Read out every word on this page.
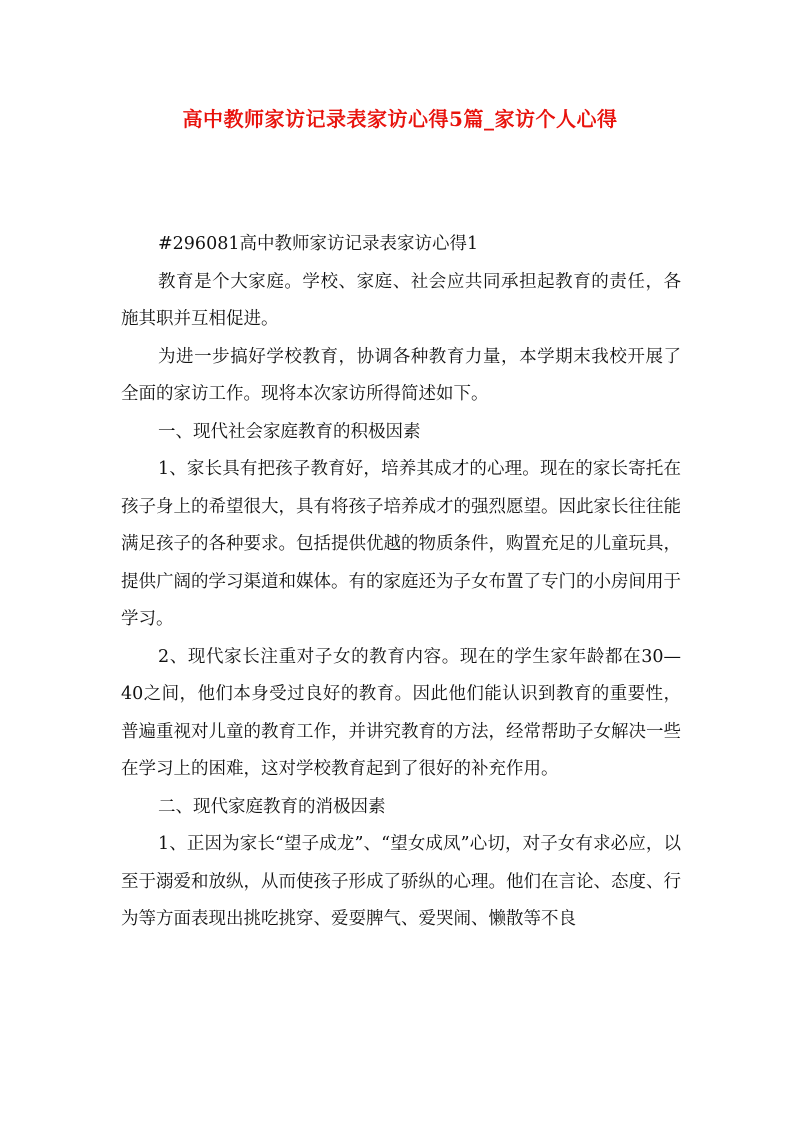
高中教师家访记录表家访心得5篇_家访个人心得

#296081高中教师家访记录表家访心得1

教育是个大家庭。学校、家庭、社会应共同承担起教育的责任，各施其职并互相促进。

为进一步搞好学校教育，协调各种教育力量，本学期末我校开展了全面的家访工作。现将本次家访所得简述如下。

一、现代社会家庭教育的积极因素

1、家长具有把孩子教育好，培养其成才的心理。现在的家长寄托在孩子身上的希望很大，具有将孩子培养成才的强烈愿望。因此家长往往能满足孩子的各种要求。包括提供优越的物质条件，购置充足的儿童玩具，提供广阔的学习渠道和媒体。有的家庭还为子女布置了专门的小房间用于学习。

2、现代家长注重对子女的教育内容。现在的学生家年龄都在30—40之间，他们本身受过良好的教育。因此他们能认识到教育的重要性，普遍重视对儿童的教育工作，并讲究教育的方法，经常帮助子女解决一些在学习上的困难，这对学校教育起到了很好的补充作用。

二、现代家庭教育的消极因素

1、正因为家长“望子成龙”、“望女成凤”心切，对子女有求必应，以至于溺爱和放纵，从而使孩子形成了骄纵的心理。他们在言论、态度、行为等方面表现出挑吃挑穿、爱耍脾气、爱哭闹、懒散等不良
